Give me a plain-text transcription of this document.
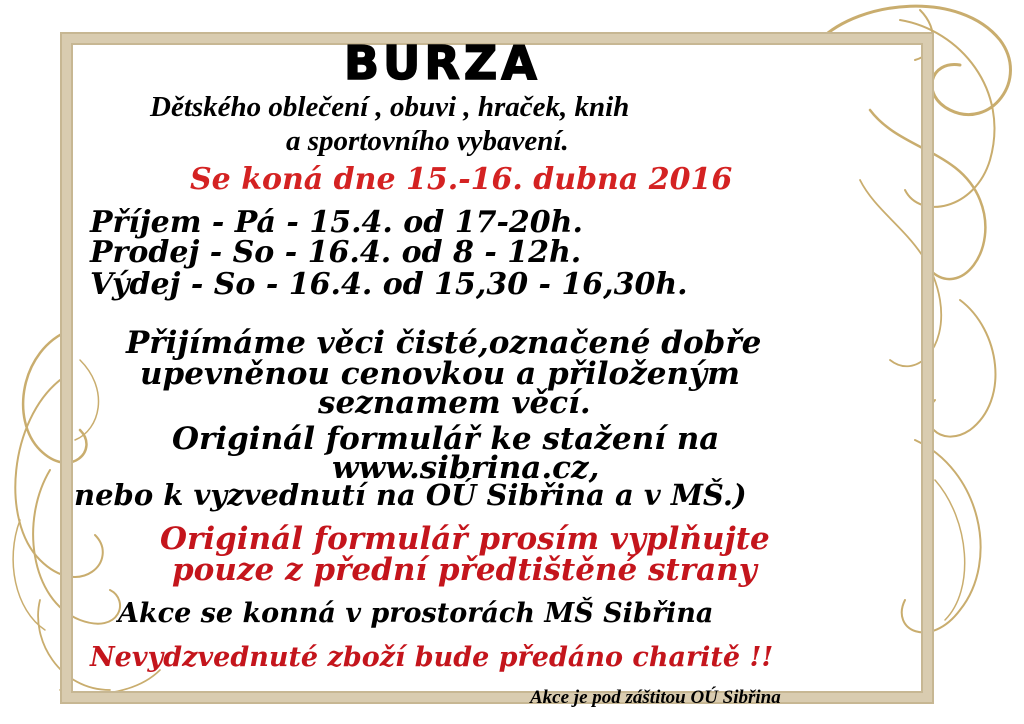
BURZA
Dětského oblečení , obuvi , hraček, knih
a sportovního vybavení.
Se koná dne 15.-16. dubna 2016
Příjem - Pá - 15.4. od 17-20h.
Prodej - So - 16.4. od 8 - 12h.
Výdej - So - 16.4. od 15,30 - 16,30h.
Přijímáme věci čisté,označené dobře
upevněnou cenovkou a přiloženým
seznamem věcí.
Originál formulář ke stažení na
www.sibrina.cz,
nebo k vyzvednutí na OÚ Sibřina a v MŠ.)
Originál formulář prosím vyplňujte
pouze z přední předtištěné strany
Akce se konná v prostorách MŠ Sibřina
Nevydzvednuté zboží bude předáno charitě !!
Akce je pod záštitou OÚ Sibřina
